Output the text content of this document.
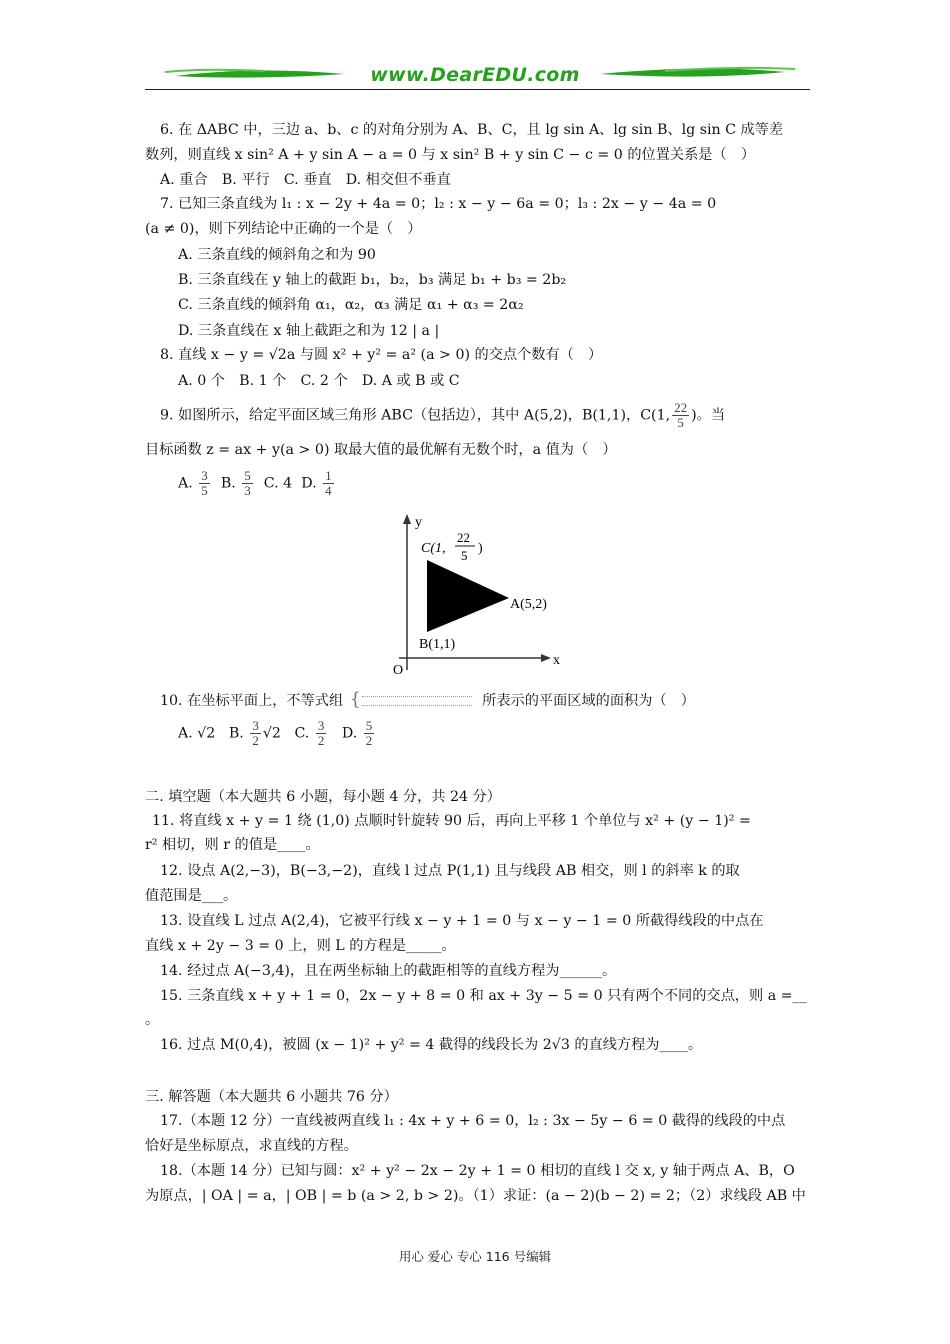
www.DearEDU.com
6. 在 ΔABC 中，三边 a、b、c 的对角分别为 A、B、C，且 lg sin A、lg sin B、lg sin C 成等差
数列，则直线 x sin² A + y sin A − a = 0 与 x sin² B + y sin C − c = 0 的位置关系是（　）
A. 重合　B. 平行　C. 垂直　D. 相交但不垂直
7. 已知三条直线为 l₁ : x − 2y + 4a = 0；l₂ : x − y − 6a = 0；l₃ : 2x − y − 4a = 0
(a ≠ 0)，则下列结论中正确的一个是（　）
A. 三条直线的倾斜角之和为 90
B. 三条直线在 y 轴上的截距 b₁，b₂，b₃ 满足 b₁ + b₃ = 2b₂
C. 三条直线的倾斜角 α₁，α₂，α₃ 满足 α₁ + α₃ = 2α₂
D. 三条直线在 x 轴上截距之和为 12 | a |
8. 直线 x − y = √2a 与圆 x² + y² = a² (a > 0) 的交点个数有（　）
A. 0 个　B. 1 个　C. 2 个　D. A 或 B 或 C
9. 如图所示，给定平面区域三角形 ABC（包括边），其中 A(5,2)，B(1,1)，C(1, $\frac{22}{5}$ )。当
目标函数 z = ax + y(a > 0) 取最大值的最优解有无数个时，a 值为（　）
A. $\frac{3}{5} B$. $\frac{5}{3} C$. 4 D. $\frac{1}{4}$
y
x
O
C(1,
22
5 )
A(5,2)
B(1,1)
10. 在坐标平面上，不等式组 {	所表示的平面区域的面积为（　）
A. √2 B. $\frac{3}{2} √2$ C. $\frac{3}{2} D$. $\frac{5}{2}$
二. 填空题（本大题共 6 小题，每小题 4 分，共 24 分）
11. 将直线 x + y = 1 绕 (1,0) 点顺时针旋转 90 后，再向上平移 1 个单位与 x² + (y − 1)² =
r² 相切，则 r 的值是____。
12. 设点 A(2,−3)，B(−3,−2)，直线 l 过点 P(1,1) 且与线段 AB 相交，则 l 的斜率 k 的取
值范围是___。
13. 设直线 L 过点 A(2,4)，它被平行线 x − y + 1 = 0 与 x − y − 1 = 0 所截得线段的中点在
直线 x + 2y − 3 = 0 上，则 L 的方程是_____。
14. 经过点 A(−3,4)，且在两坐标轴上的截距相等的直线方程为______。
15. 三条直线 x + y + 1 = 0，2x − y + 8 = 0 和 ax + 3y − 5 = 0 只有两个不同的交点，则 a =__
。
16. 过点 M(0,4)，被圆 (x − 1)² + y² = 4 截得的线段长为 2√3 的直线方程为____。
三. 解答题（本大题共 6 小题共 76 分）
17.（本题 12 分）一直线被两直线 l₁ : 4x + y + 6 = 0，l₂ : 3x − 5y − 6 = 0 截得的线段的中点
恰好是坐标原点，求直线的方程。
18.（本题 14 分）已知与圆：x² + y² − 2x − 2y + 1 = 0 相切的直线 l 交 x, y 轴于两点 A、B，O
为原点，| OA | = a，| OB | = b (a > 2, b > 2)。（1）求证：(a − 2)(b − 2) = 2；（2）求线段 AB 中
用心 爱心 专心 116 号编辑
